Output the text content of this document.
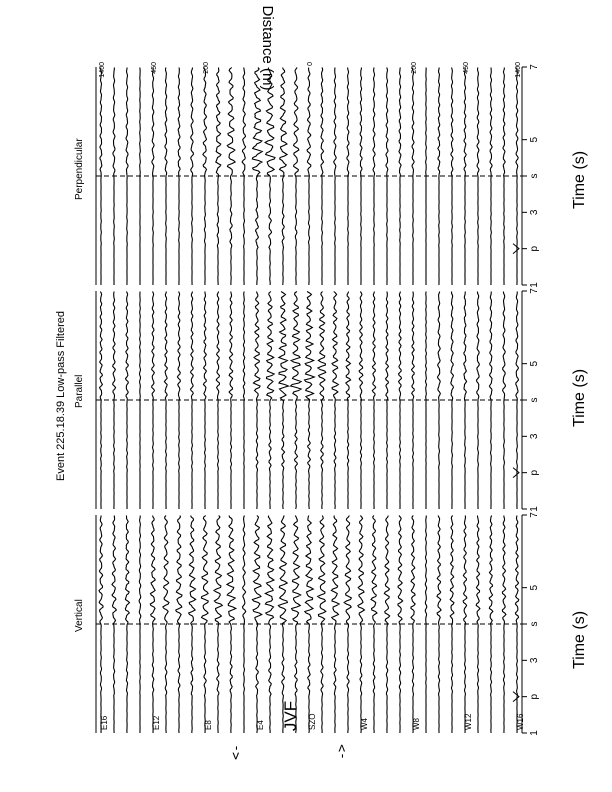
Event 225.18.39 Low-pass Filtered
Vertical
Parallel
Perpendicular
Time (s)
Time (s)
Time (s)
Distance (m)
JVF
<-	->
1
p
3
s
5
7
1
p
3
s
5
7
1
p
3
s
5
7
E16	E12	E8	E4	SZO	W4	W8	W12	W16
1400	450	200	0	200	450	1400
